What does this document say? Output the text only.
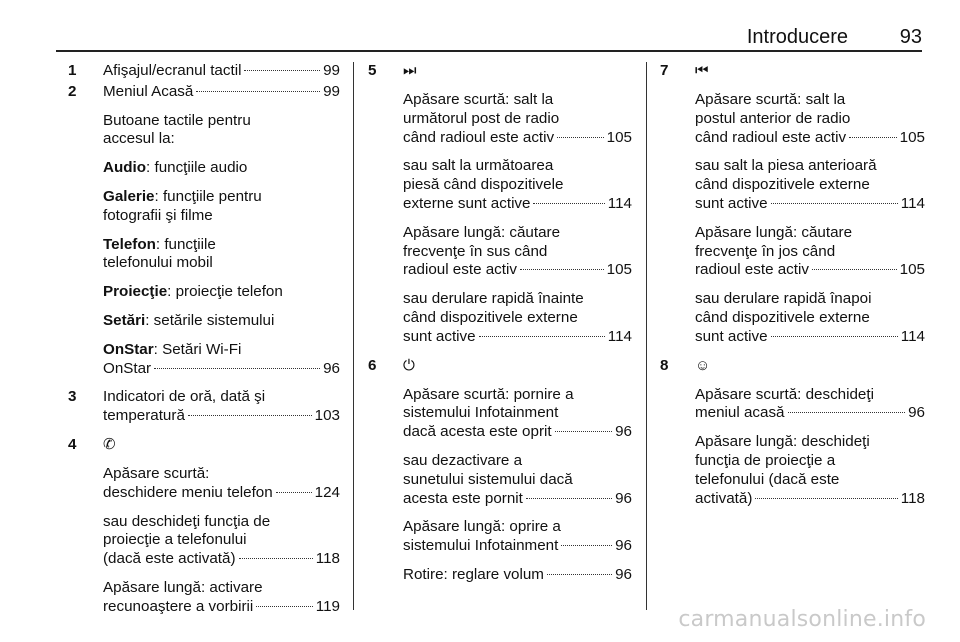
Introducere	93
1 Afişajul/ecranul tactil	99
2 Meniul Acasă	99
Butoane tactile pentru
accesul la:
Audio: funcţiile audio
Galerie: funcţiile pentru
fotografii şi filme
Telefon: funcţiile
telefonului mobil
Proiecţie: proiecţie telefon
Setări: setările sistemului
OnStar: Setări Wi-Fi
OnStar	96
3 Indicatori de oră, dată şi
temperatură	103
4 ✆
Apăsare scurtă:
deschidere meniu telefon	124
sau deschideţi funcţia de
proiecţie a telefonului
(dacă este activată)	118
Apăsare lungă: activare
recunoaştere a vorbirii	119
5 ⏭
Apăsare scurtă: salt la
următorul post de radio
când radioul este activ	105
sau salt la următoarea
piesă când dispozitivele
externe sunt active	114
Apăsare lungă: căutare
frecvenţe în sus când
radioul este activ	105
sau derulare rapidă înainte
când dispozitivele externe
sunt active	114
6 ⏻
Apăsare scurtă: pornire a
sistemului Infotainment
dacă acesta este oprit	96
sau dezactivare a
sunetului sistemului dacă
acesta este pornit	96
Apăsare lungă: oprire a
sistemului Infotainment	96
Rotire: reglare volum	96
7 ⏮
Apăsare scurtă: salt la
postul anterior de radio
când radioul este activ	105
sau salt la piesa anterioară
când dispozitivele externe
sunt active	114
Apăsare lungă: căutare
frecvenţe în jos când
radioul este activ	105
sau derulare rapidă înapoi
când dispozitivele externe
sunt active	114
8 ☺
Apăsare scurtă: deschideţi
meniul acasă	96
Apăsare lungă: deschideţi
funcţia de proiecţie a
telefonului (dacă este
activată)	118
carmanualsonline.info
